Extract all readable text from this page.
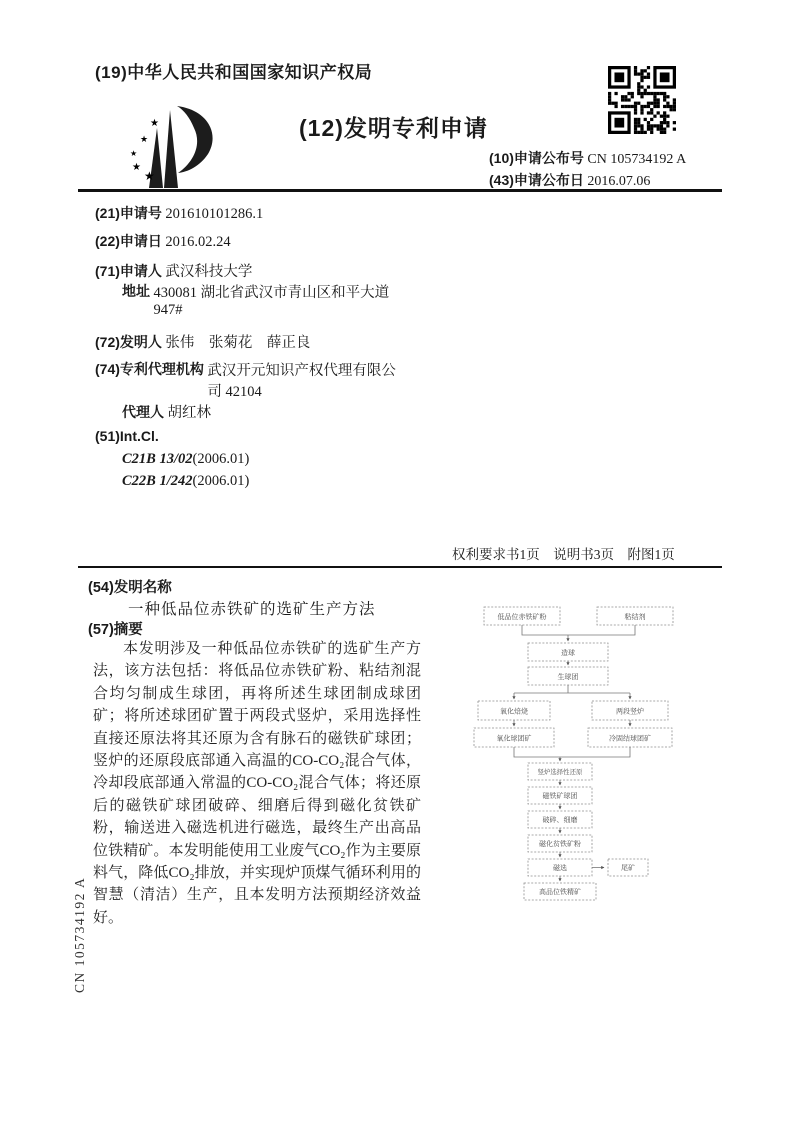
(19)中华人民共和国国家知识产权局
★
★
★
★
★
(12)发明专利申请
(10)申请公布号 CN 105734192 A
(43)申请公布日 2016.07.06
(21)申请号 201610101286.1
(22)申请日 2016.02.24
(71)申请人 武汉科技大学
地址 430081 湖北省武汉市青山区和平大道947#
(72)发明人 张伟　张菊花　薛正良
(74)专利代理机构 武汉开元知识产权代理有限公司 42104
代理人 胡红林
(51)Int.Cl.
C21B 13/02(2006.01)
C22B 1/242(2006.01)
权利要求书1页　说明书3页　附图1页
(54)发明名称
一种低品位赤铁矿的选矿生产方法
(57)摘要
本发明涉及一种低品位赤铁矿的选矿生产方法，该方法包括：将低品位赤铁矿粉、粘结剂混合均匀制成生球团，再将所述生球团制成球团矿；将所述球团矿置于两段式竖炉，采用选择性直接还原法将其还原为含有脉石的磁铁矿球团；竖炉的还原段底部通入高温的CO-CO₂混合气体，冷却段底部通入常温的CO-CO₂混合气体；将还原后的磁铁矿球团破碎、细磨后得到磁化贫铁矿粉，输送进入磁选机进行磁选，最终生产出高品位铁精矿。本发明能使用工业废气CO₂作为主要原料气，降低CO₂排放，并实现炉顶煤气循环利用的智慧（清洁）生产，且本发明方法预期经济效益好。
低品位赤铁矿粉	粘结剂
造球
生球团
氧化焙烧	两段竖炉
氧化球团矿	冷固结球团矿
竖炉选择性还原
磁铁矿球团
破碎、细磨
磁化贫铁矿粉
磁选	尾矿
高品位铁精矿
CN 105734192 A
